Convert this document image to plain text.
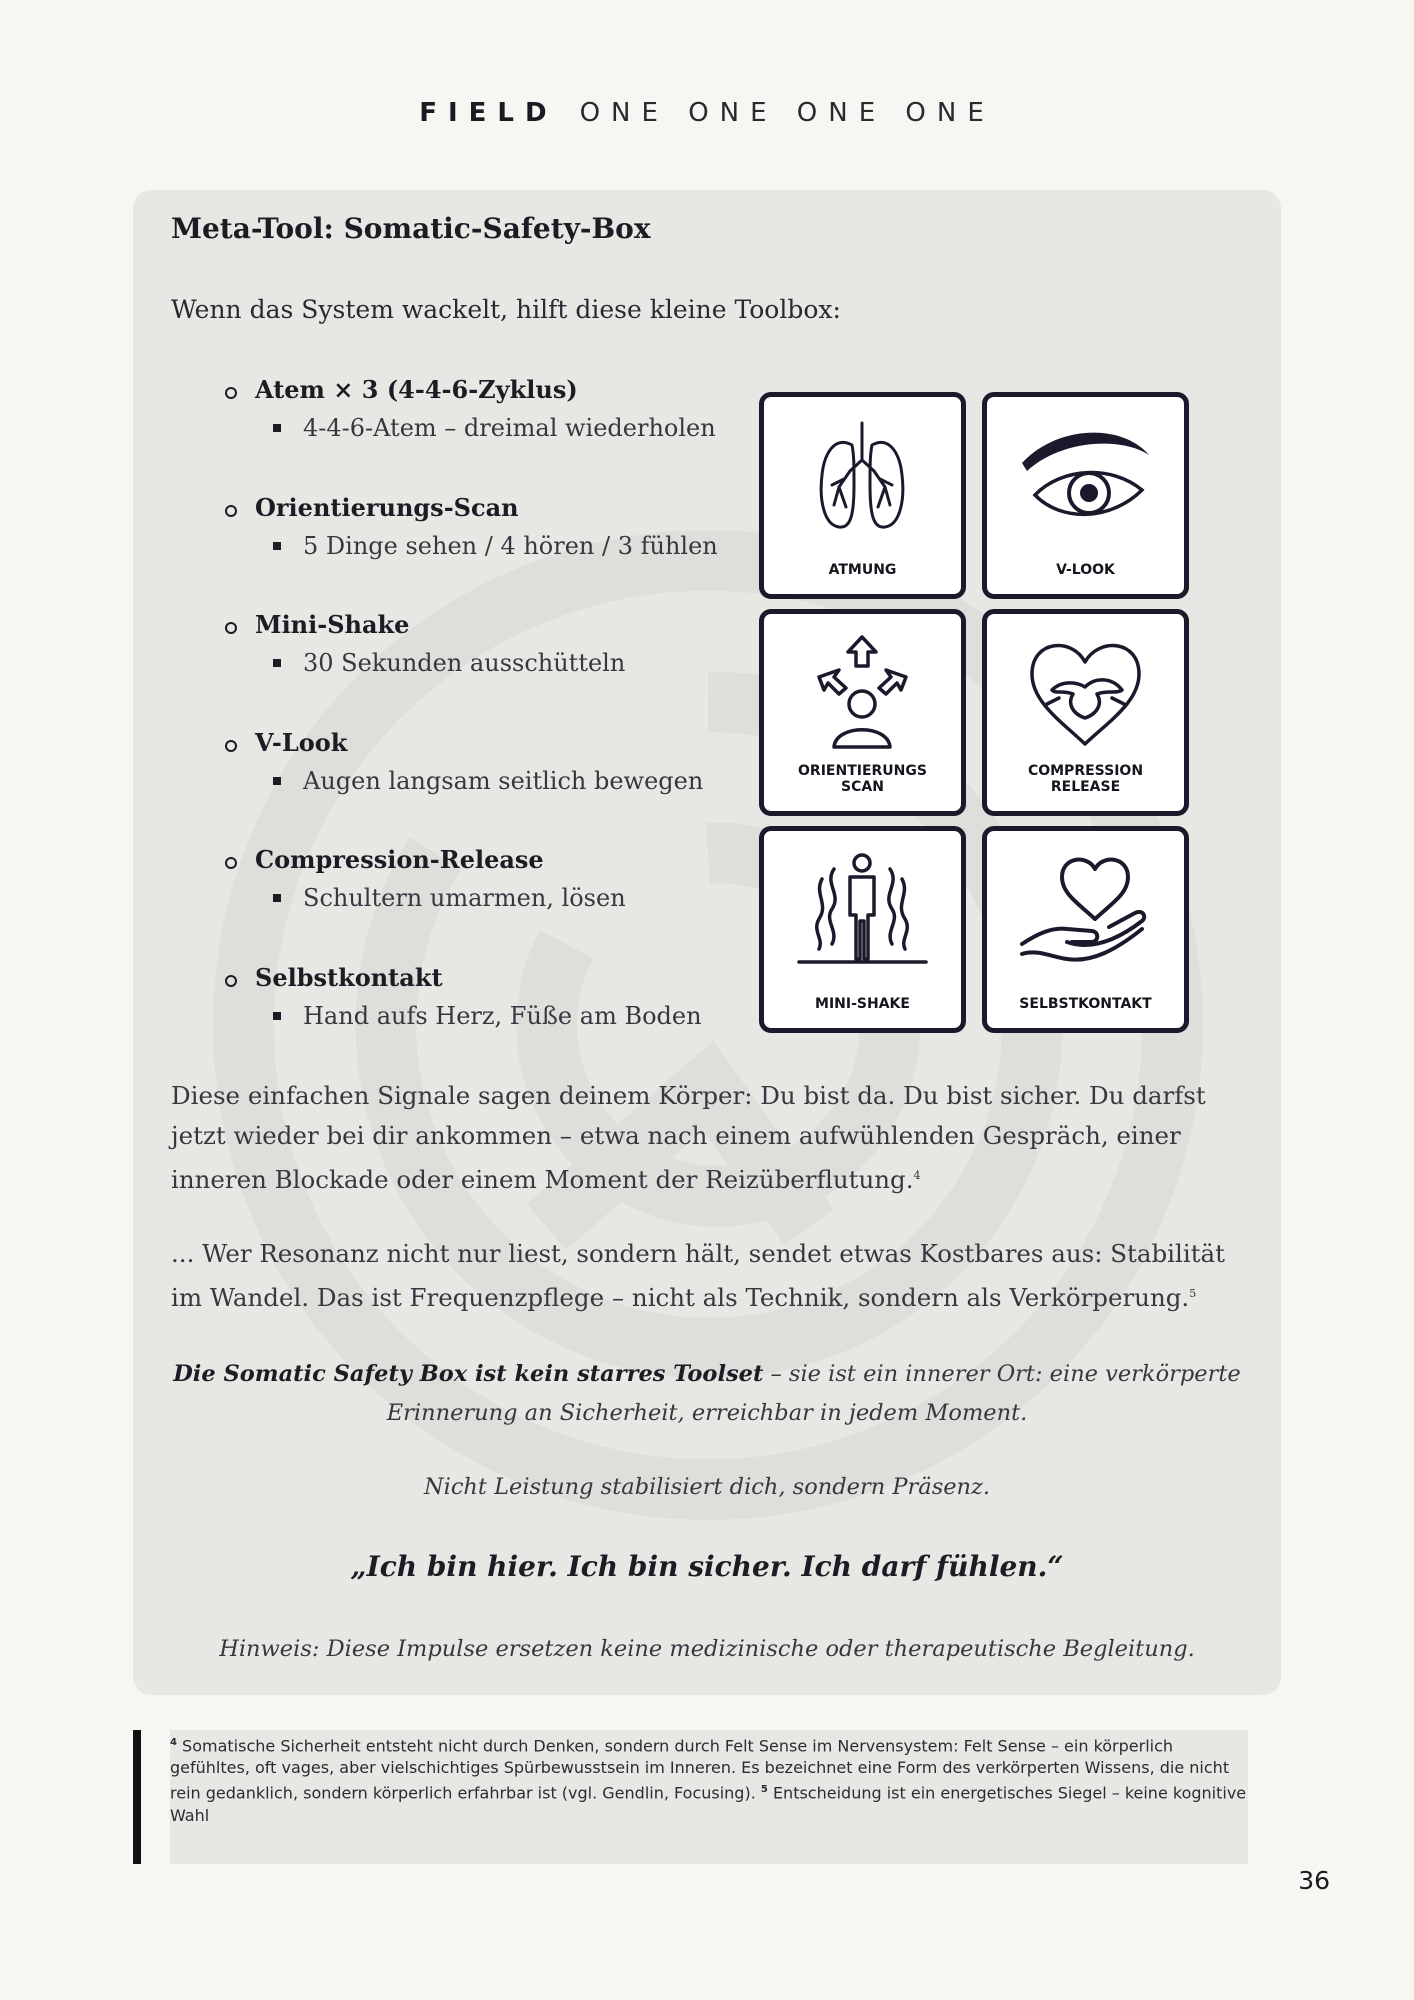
FIELD ONE ONE ONE ONE
Meta-Tool: Somatic-Safety-Box
Wenn das System wackelt, hilft diese kleine Toolbox:
Atem × 3 (4-4-6-Zyklus)
4-4-6-Atem – dreimal wiederholen
Orientierungs-Scan
5 Dinge sehen / 4 hören / 3 fühlen
Mini-Shake
30 Sekunden ausschütteln
V-Look
Augen langsam seitlich bewegen
Compression-Release
Schultern umarmen, lösen
Selbstkontakt
Hand aufs Herz, Füße am Boden
ATMUNG	V-LOOK
ORIENTIERUNGS
SCAN
COMPRESSION
RELEASE
MINI-SHAKE	SELBSTKONTAKT
Diese einfachen Signale sagen deinem Körper: Du bist da. Du bist sicher. Du darfst jetzt wieder bei dir ankommen – etwa nach einem aufwühlenden Gespräch, einer inneren Blockade oder einem Moment der Reizüberflutung.$^4$
... Wer Resonanz nicht nur liest, sondern hält, sendet etwas Kostbares aus: Stabilität im Wandel. Das ist Frequenzpflege – nicht als Technik, sondern als Verkörperung.$^5$
Die Somatic Safety Box ist kein starres Toolset – sie ist ein innerer Ort: eine verkörperte
Erinnerung an Sicherheit, erreichbar in jedem Moment.
Nicht Leistung stabilisiert dich, sondern Präsenz.
„Ich bin hier. Ich bin sicher. Ich darf fühlen.“
Hinweis: Diese Impulse ersetzen keine medizinische oder therapeutische Begleitung.
$^4$ Somatische Sicherheit entsteht nicht durch Denken, sondern durch Felt Sense im Nervensystem: Felt Sense – ein körperlich gefühltes, oft vages, aber vielschichtiges Spürbewusstsein im Inneren. Es bezeichnet eine Form des verkörperten Wissens, die nicht rein gedanklich, sondern körperlich erfahrbar ist (vgl. Gendlin, Focusing). $^5$ Entscheidung ist ein energetisches Siegel – keine kognitive Wahl
36
